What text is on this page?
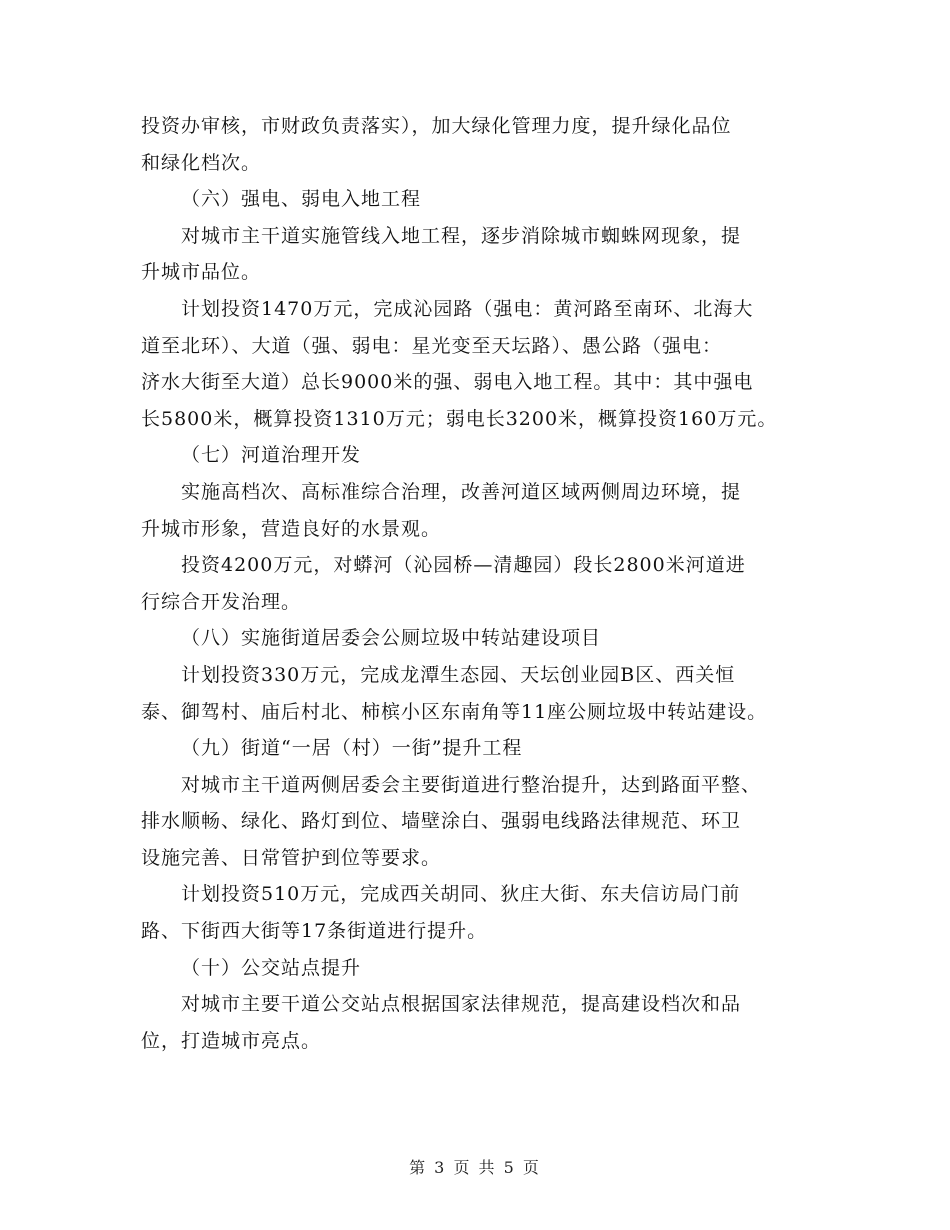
投资办审核，市财政负责落实），加大绿化管理力度，提升绿化品位
和绿化档次。
（六）强电、弱电入地工程
对城市主干道实施管线入地工程，逐步消除城市蜘蛛网现象，提
升城市品位。
计划投资1470万元，完成沁园路（强电：黄河路至南环、北海大
道至北环）、大道（强、弱电：星光变至天坛路）、愚公路（强电：
济水大街至大道）总长9000米的强、弱电入地工程。其中：其中强电
长5800米，概算投资1310万元；弱电长3200米，概算投资160万元。
（七）河道治理开发
实施高档次、高标准综合治理，改善河道区域两侧周边环境，提
升城市形象，营造良好的水景观。
投资4200万元，对蟒河（沁园桥—清趣园）段长2800米河道进
行综合开发治理。
（八）实施街道居委会公厕垃圾中转站建设项目
计划投资330万元，完成龙潭生态园、天坛创业园B区、西关恒
泰、御驾村、庙后村北、柿槟小区东南角等11座公厕垃圾中转站建设。
（九）街道“一居（村）一街”提升工程
对城市主干道两侧居委会主要街道进行整治提升，达到路面平整、
排水顺畅、绿化、路灯到位、墙壁涂白、强弱电线路法律规范、环卫
设施完善、日常管护到位等要求。
计划投资510万元，完成西关胡同、狄庄大街、东夫信访局门前
路、下街西大街等17条街道进行提升。
（十）公交站点提升
对城市主要干道公交站点根据国家法律规范，提高建设档次和品
位，打造城市亮点。
第 3 页 共 5 页
